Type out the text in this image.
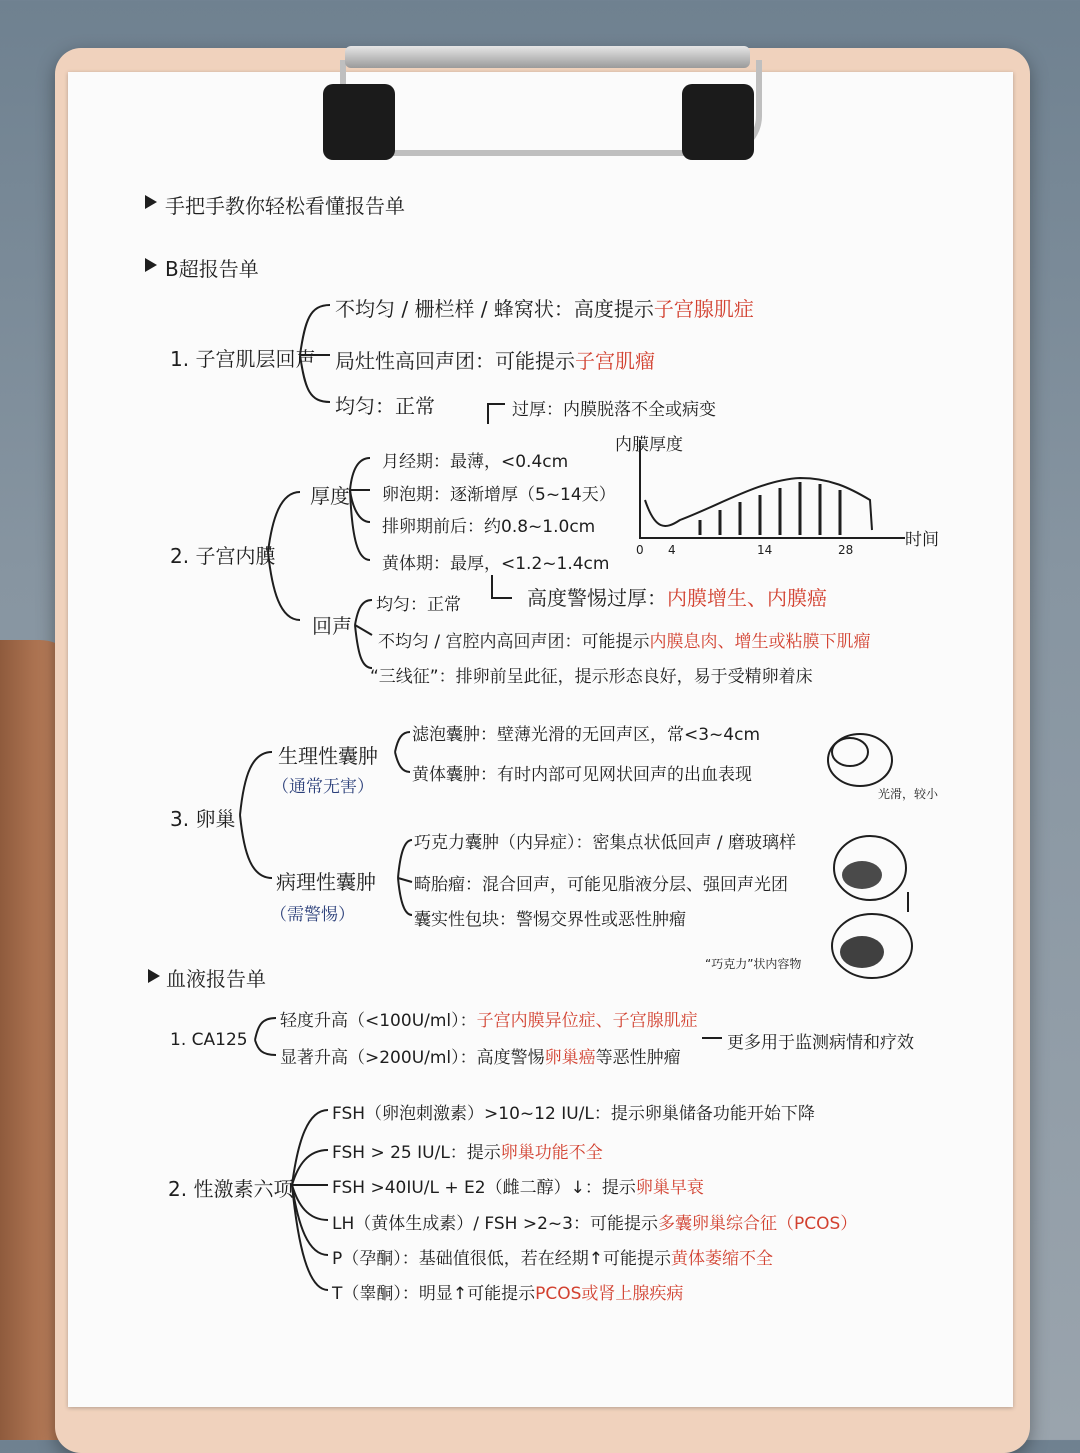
手把手教你轻松看懂报告单
B超报告单
1. 子宫肌层回声
不均匀 / 栅栏样 / 蜂窝状：高度提示子宫腺肌症
局灶性高回声团：可能提示子宫肌瘤
均匀：正常	过厚：内膜脱落不全或病变
2. 子宫内膜
厚度
月经期：最薄，<0.4cm
卵泡期：逐渐增厚（5~14天）
排卵期前后：约0.8~1.0cm
黄体期：最厚，<1.2~1.4cm
高度警惕过厚：内膜增生、内膜癌
回声
均匀：正常
不均匀 / 宫腔内高回声团：可能提示内膜息肉、增生或粘膜下肌瘤
“三线征”：排卵前呈此征，提示形态良好，易于受精卵着床
内膜厚度
时间
0 4	14	28
3. 卵巢
生理性囊肿
（通常无害）
滤泡囊肿：壁薄光滑的无回声区，常<3~4cm
黄体囊肿：有时内部可见网状回声的出血表现
光滑，较小
病理性囊肿
（需警惕）
巧克力囊肿（内异症）：密集点状低回声 / 磨玻璃样
畸胎瘤：混合回声，可能见脂液分层、强回声光团
囊实性包块：警惕交界性或恶性肿瘤
“巧克力”状内容物
血液报告单
1. CA125
轻度升高（<100U/ml）：子宫内膜异位症、子宫腺肌症
显著升高（>200U/ml）：高度警惕卵巢癌等恶性肿瘤
更多用于监测病情和疗效
2. 性激素六项
FSH（卵泡刺激素）>10~12 IU/L：提示卵巢储备功能开始下降
FSH > 25 IU/L：提示卵巢功能不全
FSH >40IU/L + E2（雌二醇）↓：提示卵巢早衰
LH（黄体生成素）/ FSH >2~3：可能提示多囊卵巢综合征（PCOS）
P（孕酮）：基础值很低，若在经期↑可能提示黄体萎缩不全
T（睾酮）：明显↑可能提示PCOS或肾上腺疾病
